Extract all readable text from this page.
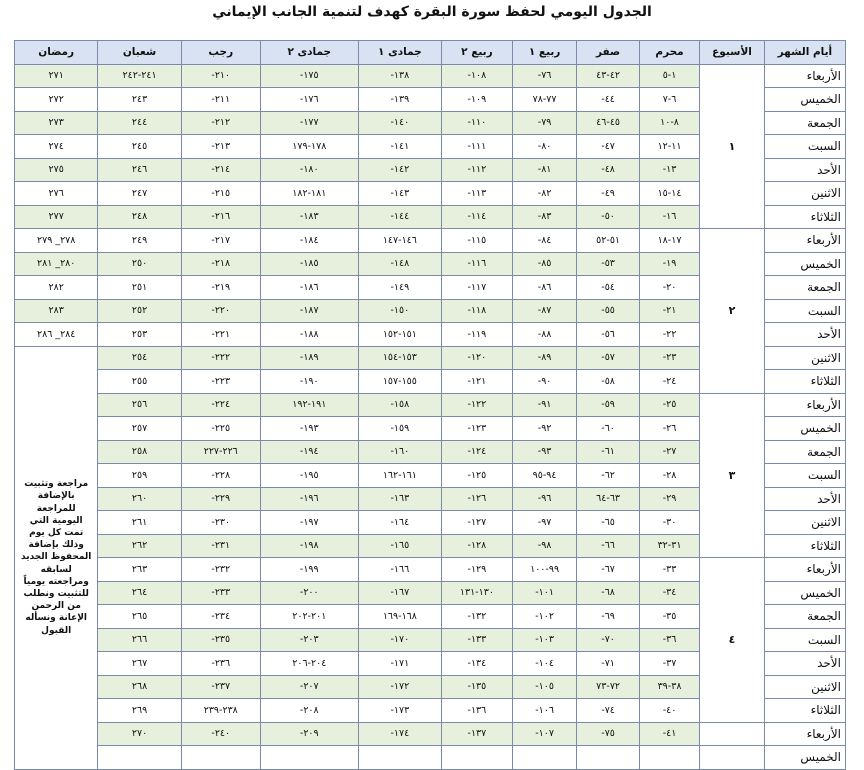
الجدول اليومي لحفظ سورة البقرة كهدف لتنمية الجانب الإيماني
أيام الشهر	الأسبوع	محرم	صفر	ربيع ١	ربيع ٢	جمادى ١	جمادى ٢	رجب	شعبان	رمضان
الأربعاء	١	١-٥	٤٢-٤٣	٧٦-	١٠٨-	١٣٨-	١٧٥-	٢١٠-	٢٤١-٢٤٢	٢٧١
الخميس		٦-٧	٤٤-	٧٧-٧٨	١٠٩-	١٣٩-	١٧٦-	٢١١-	٢٤٣	٢٧٢
الجمعة		٨-١٠	٤٥-٤٦	٧٩-	١١٠-	١٤٠-	١٧٧-	٢١٢-	٢٤٤	٢٧٣
السبت		١١-١٢	٤٧-	٨٠-	١١١-	١٤١-	١٧٨-١٧٩	٢١٣-	٢٤٥	٢٧٤
الأحد		١٣-	٤٨-	٨١-	١١٢-	١٤٢-	١٨٠-	٢١٤-	٢٤٦	٢٧٥
الاثنين		١٤-١٥	٤٩-	٨٢-	١١٣-	١٤٣-	١٨١-١٨٢	٢١٥-	٢٤٧	٢٧٦
الثلاثاء		١٦-	٥٠-	٨٣-	١١٤-	١٤٤-	١٨٣-	٢١٦-	٢٤٨	٢٧٧
الأربعاء	٢	١٧-١٨	٥١-٥٢	٨٤-	١١٥-	١٤٦-١٤٧	١٨٤-	٢١٧-	٢٤٩	٢٧٨_ ٢٧٩
الخميس		١٩-	٥٣-	٨٥-	١١٦-	١٤٨-	١٨٥-	٢١٨-	٢٥٠	٢٨٠_ ٢٨١
الجمعة		٢٠-	٥٤-	٨٦-	١١٧-	١٤٩-	١٨٦-	٢١٩-	٢٥١	٢٨٢
السبت		٢١-	٥٥-	٨٧-	١١٨-	١٥٠-	١٨٧-	٢٢٠-	٢٥٢	٢٨٣
الأحد		٢٢-	٥٦-	٨٨-	١١٩-	١٥١-١٥٢	١٨٨-	٢٢١-	٢٥٣	٢٨٤_ ٢٨٦
الاثنين		٢٣-	٥٧-	٨٩-	١٢٠-	١٥٣-١٥٤	١٨٩-	٢٢٢-	٢٥٤	مراجعة وتثبيت بالإضافة للمراجعة اليومية التي تمت كل يوم وذلك بإضافة المحفوظ الجديد لسابقه ومراجعته يومياً للتثبيت ونطلب من الرحمن الإعانة ونسأله القبول
الثلاثاء		٢٤-	٥٨-	٩٠-	١٢١-	١٥٥-١٥٧	١٩٠-	٢٢٣-	٢٥٥	
الأربعاء	٣	٢٥-	٥٩-	٩١-	١٢٢-	١٥٨-	١٩١-١٩٢	٢٢٤-	٢٥٦	
الخميس		٢٦-	٦٠-	٩٢-	١٢٣-	١٥٩-	١٩٣-	٢٢٥-	٢٥٧	
الجمعة		٢٧-	٦١-	٩٣-	١٢٤-	١٦٠-	١٩٤-	٢٢٦-٢٢٧	٢٥٨	
السبت		٢٨-	٦٢-	٩٤-٩٥	١٢٥-	١٦١-١٦٢	١٩٥-	٢٢٨-	٢٥٩	
الأحد		٢٩-	٦٣-٦٤	٩٦-	١٢٦-	١٦٣-	١٩٦-	٢٢٩-	٢٦٠	
الاثنين		٣٠-	٦٥-	٩٧-	١٢٧-	١٦٤-	١٩٧-	٢٣٠-	٢٦١	
الثلاثاء		٣١-٣٢	٦٦-	٩٨-	١٢٨-	١٦٥-	١٩٨-	٢٣١-	٢٦٢	
الأربعاء	٤	٣٣-	٦٧-	٩٩-١٠٠	١٢٩-	١٦٦-	١٩٩-	٢٣٢-	٢٦٣	
الخميس		٣٤-	٦٨-	١٠١-	١٣٠-١٣١	١٦٧-	٢٠٠-	٢٣٣-	٢٦٤	
الجمعة		٣٥-	٦٩-	١٠٢-	١٣٢-	١٦٨-١٦٩	٢٠١-٢٠٢	٢٣٤-	٢٦٥	
السبت		٣٦-	٧٠-	١٠٣-	١٣٣-	١٧٠-	٢٠٣-	٢٣٥-	٢٦٦	
الأحد		٣٧-	٧١-	١٠٤-	١٣٤-	١٧١-	٢٠٤-٢٠٦	٢٣٦-	٢٦٧	
الاثنين		٣٨-٣٩	٧٢-٧٣	١٠٥-	١٣٥-	١٧٢-	٢٠٧-	٢٣٧-	٢٦٨	
الثلاثاء		٤٠-	٧٤-	١٠٦-	١٣٦-	١٧٣-	٢٠٨-	٢٣٨-٢٣٩	٢٦٩	
الأربعاء		٤١-	٧٥-	١٠٧-	١٣٧-	١٧٤-	٢٠٩-	٢٤٠-	٢٧٠	
الخميس										
